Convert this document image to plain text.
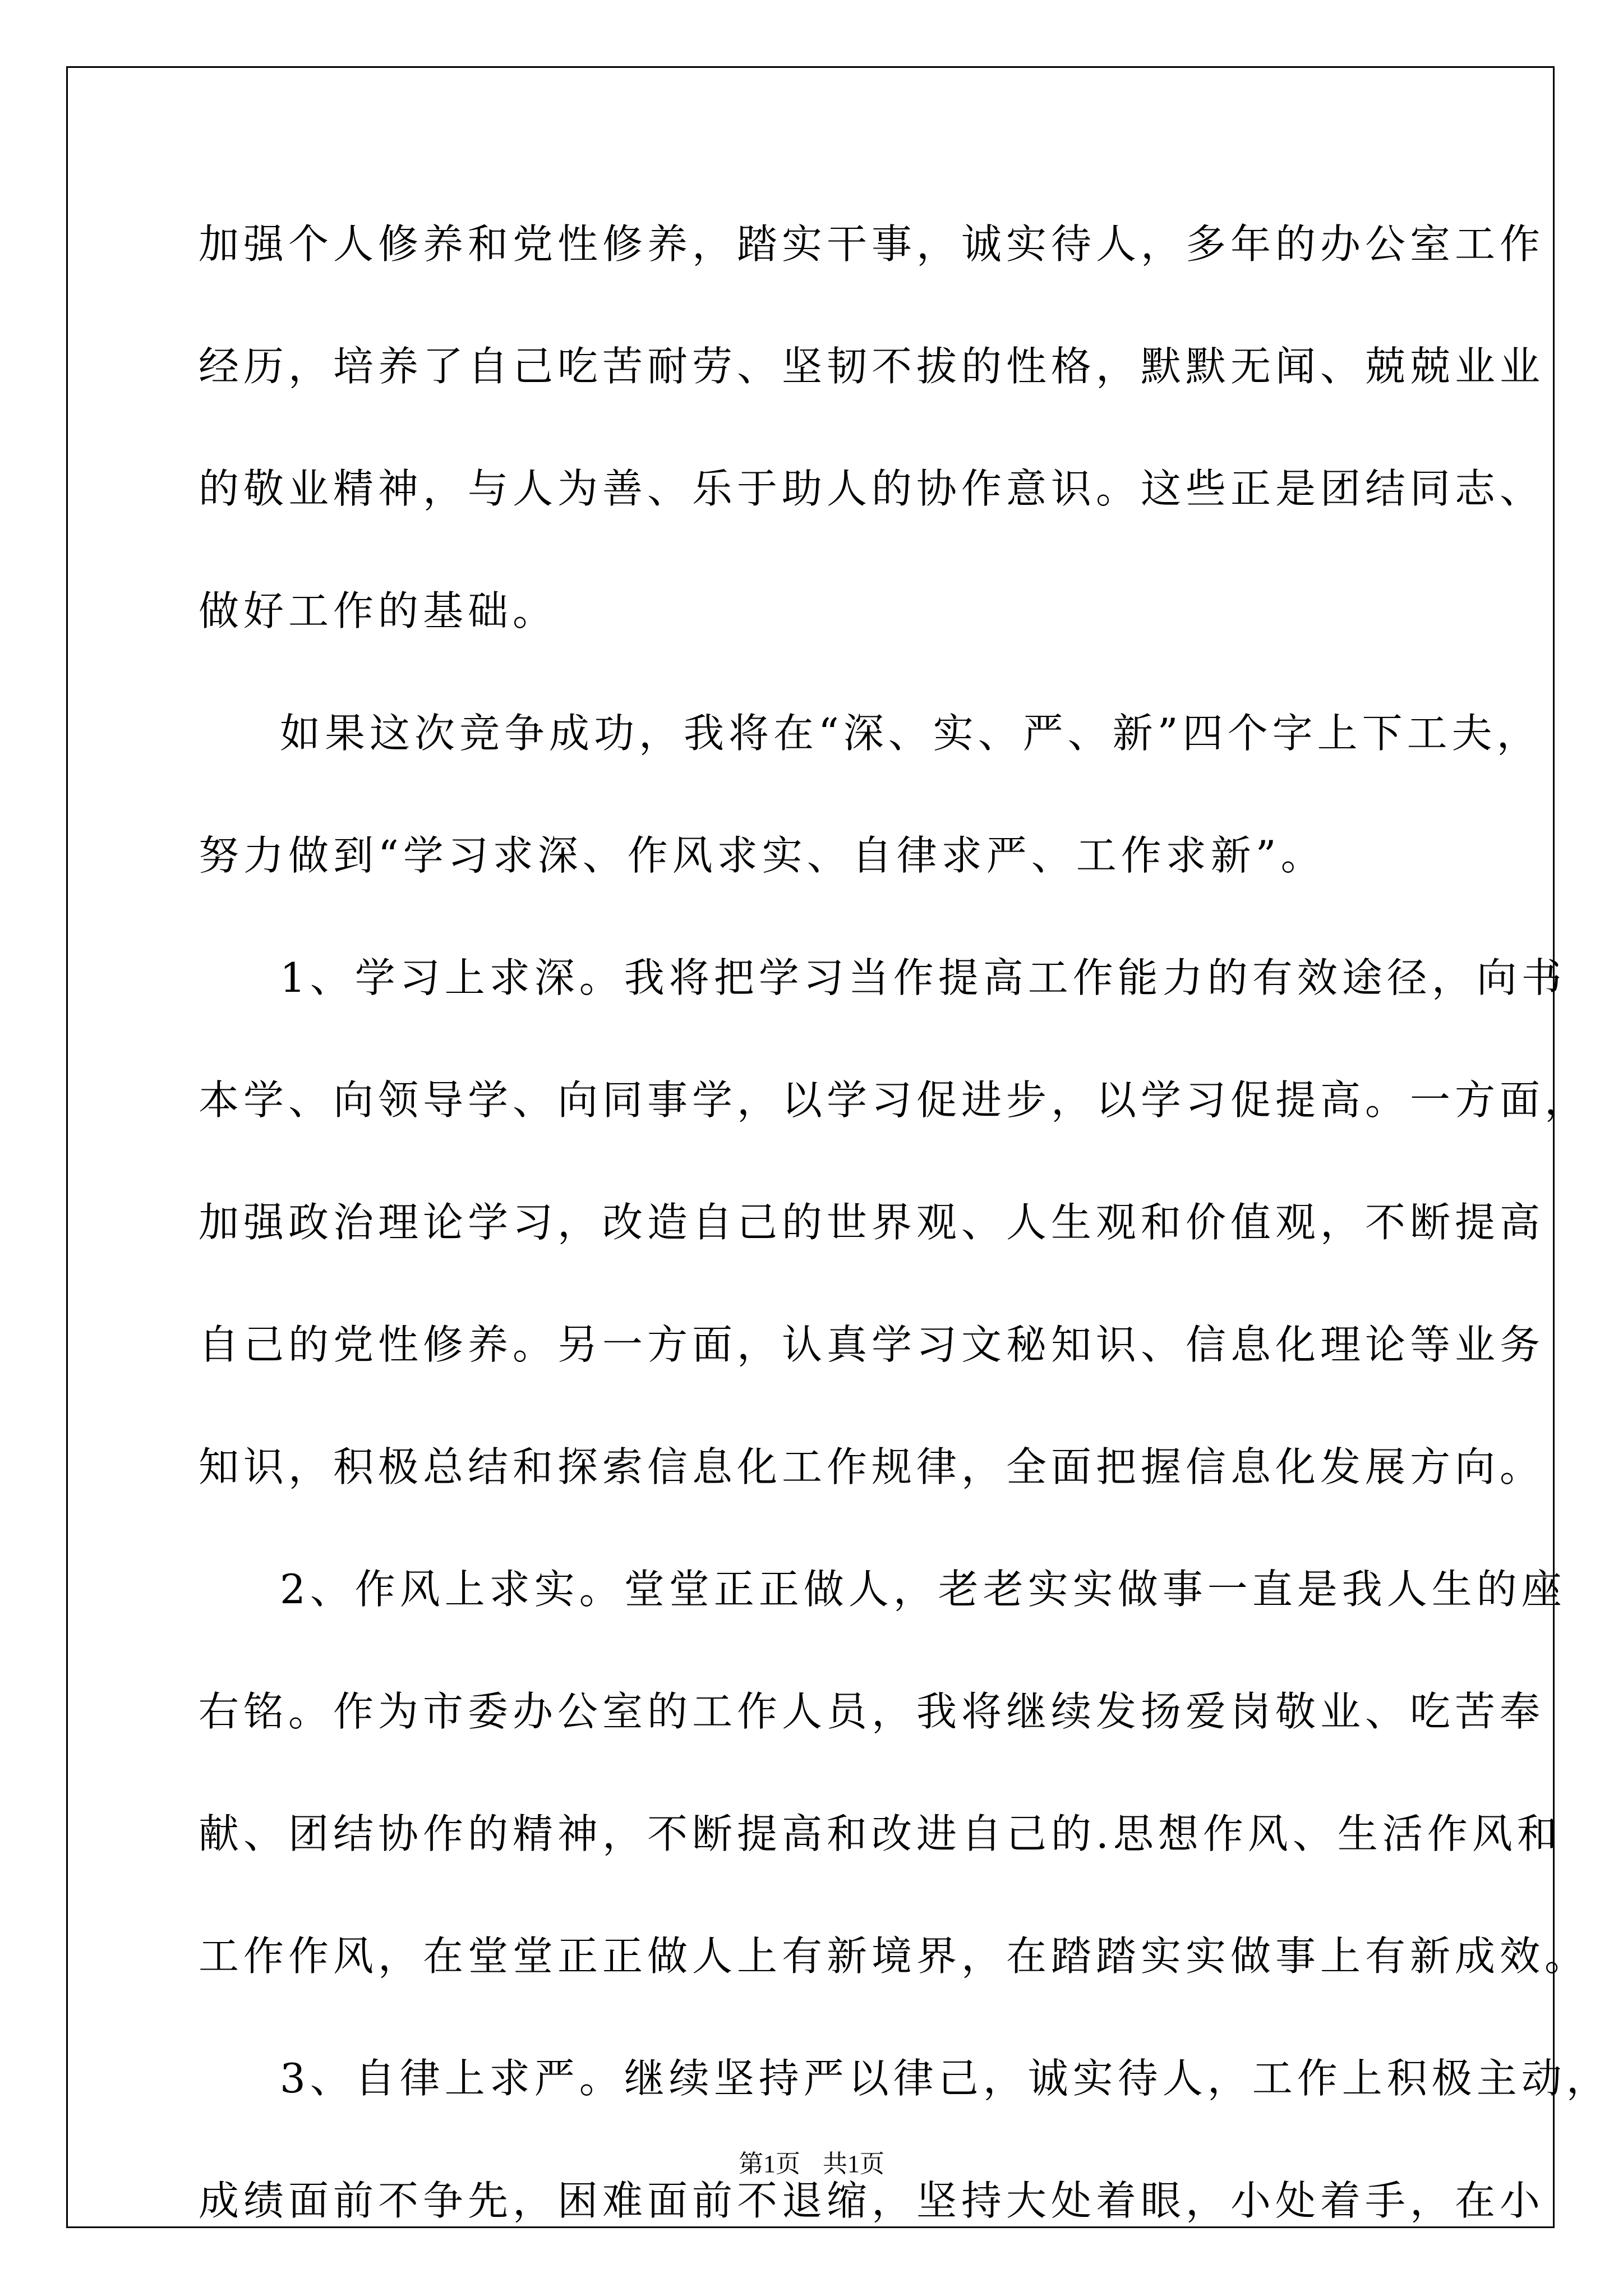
加强个人修养和党性修养，踏实干事，诚实待人，多年的办公室工作
经历，培养了自己吃苦耐劳、坚韧不拔的性格，默默无闻、兢兢业业
的敬业精神，与人为善、乐于助人的协作意识。这些正是团结同志、
做好工作的基础。
如果这次竞争成功，我将在“深、实、严、新”四个字上下工夫，
努力做到“学习求深、作风求实、自律求严、工作求新”。
1、学习上求深。我将把学习当作提高工作能力的有效途径，向书
本学、向领导学、向同事学，以学习促进步，以学习促提高。一方面，
加强政治理论学习，改造自己的世界观、人生观和价值观，不断提高
自己的党性修养。另一方面，认真学习文秘知识、信息化理论等业务
知识，积极总结和探索信息化工作规律，全面把握信息化发展方向。
2、作风上求实。堂堂正正做人，老老实实做事一直是我人生的座
右铭。作为市委办公室的工作人员，我将继续发扬爱岗敬业、吃苦奉
献、团结协作的精神，不断提高和改进自己的.思想作风、生活作风和
工作作风，在堂堂正正做人上有新境界，在踏踏实实做事上有新成效。
3、自律上求严。继续坚持严以律己，诚实待人，工作上积极主动，
成绩面前不争先，困难面前不退缩，坚持大处着眼，小处着手，在小
第1页 共1页
